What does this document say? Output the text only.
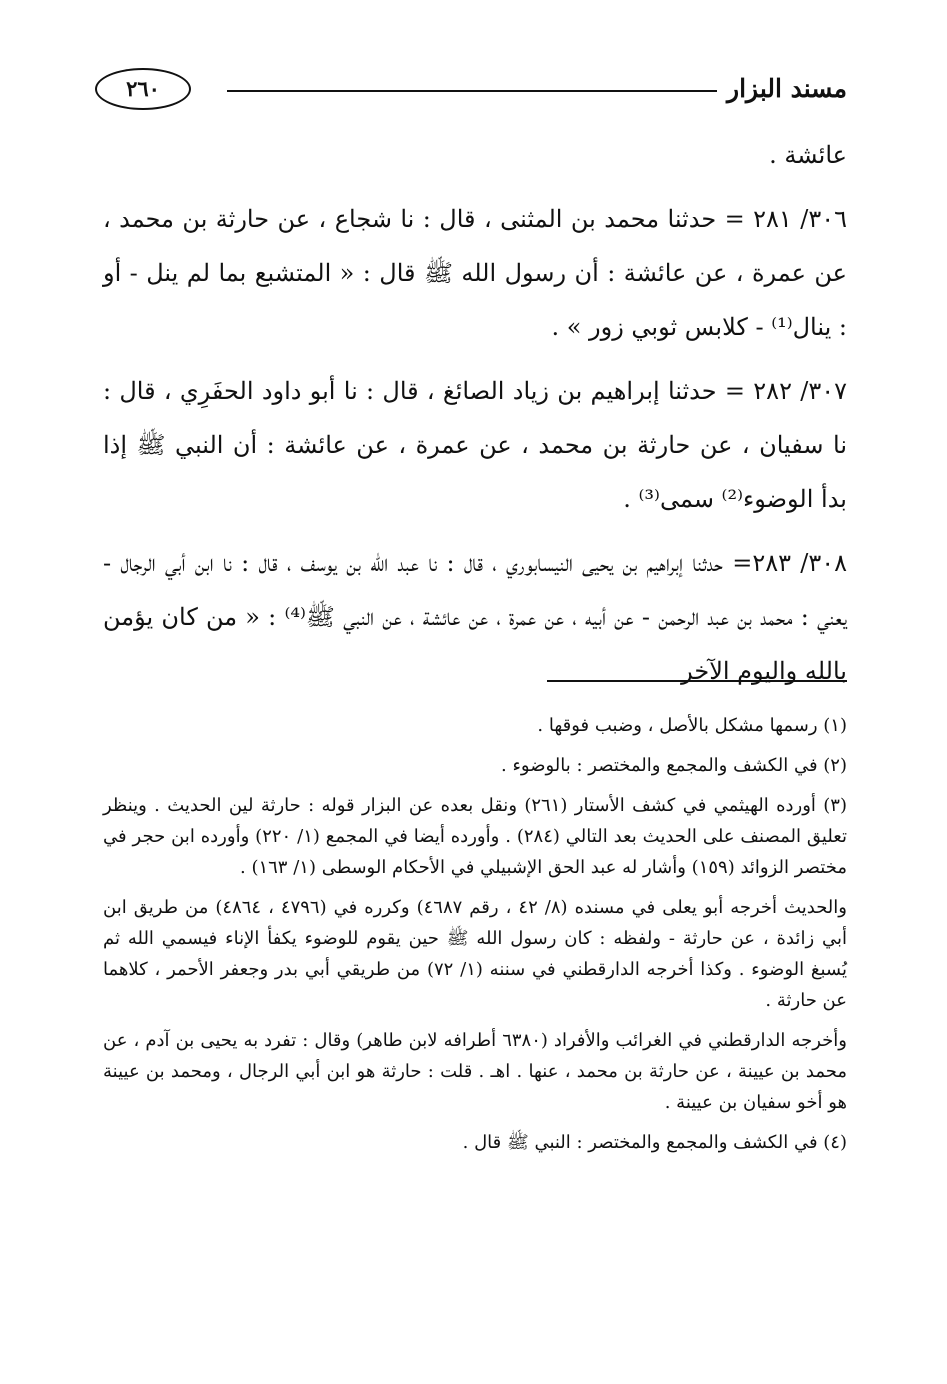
مسند البزار
٢٦٠

عائشة .

٣٠٦/ ٢٨١ = حدثنا محمد بن المثنى ، قال : نا شجاع ، عن حارثة بن محمد ، عن عمرة ، عن عائشة : أن رسول الله ﷺ قال : « المتشبع بما لم ينل - أو : ينال⁽¹⁾ - كلابس ثوبي زور » .

٣٠٧/ ٢٨٢ = حدثنا إبراهيم بن زياد الصائغ ، قال : نا أبو داود الحفَرِي ، قال : نا سفيان ، عن حارثة بن محمد ، عن عمرة ، عن عائشة : أن النبي ﷺ إذا بدأ الوضوء⁽²⁾ سمى⁽³⁾ .

٣٠٨/ ٢٨٣= حدثنا إبراهيم بن يحيى النيسابوري ، قال : نا عبد الله بن يوسف ، قال : نا ابن أبي الرجال - يعني : محمد بن عبد الرحمن - عن أبيه ، عن عمرة ، عن عائشة ، عن النبي ﷺ⁽⁴⁾ : « من كان يؤمن بالله واليوم الآخر

(١) رسمها مشكل بالأصل ، وضبب فوقها .

(٢) في الكشف والمجمع والمختصر : بالوضوء .

(٣) أورده الهيثمي في كشف الأستار (٢٦١) ونقل بعده عن البزار قوله : حارثة لين الحديث . وينظر تعليق المصنف على الحديث بعد التالي (٢٨٤) . وأورده أيضا في المجمع (١/ ٢٢٠) وأورده ابن حجر في مختصر الزوائد (١٥٩) وأشار له عبد الحق الإشبيلي في الأحكام الوسطى (١/ ١٦٣) .

والحديث أخرجه أبو يعلى في مسنده (٨/ ٤٢ ، رقم ٤٦٨٧) وكرره في (٤٧٩٦ ، ٤٨٦٤) من طريق ابن أبي زائدة ، عن حارثة - ولفظه : كان رسول الله ﷺ حين يقوم للوضوء يكفأ الإناء فيسمي الله ثم يُسبغ الوضوء . وكذا أخرجه الدارقطني في سننه (١/ ٧٢) من طريقي أبي بدر وجعفر الأحمر ، كلاهما عن حارثة .

وأخرجه الدارقطني في الغرائب والأفراد (٦٣٨٠ أطرافه لابن طاهر) وقال : تفرد به يحيى بن آدم ، عن محمد بن عيينة ، عن حارثة بن محمد ، عنها . اهـ . قلت : حارثة هو ابن أبي الرجال ، ومحمد بن عيينة هو أخو سفيان بن عيينة .

(٤) في الكشف والمجمع والمختصر : النبي ﷺ قال .
